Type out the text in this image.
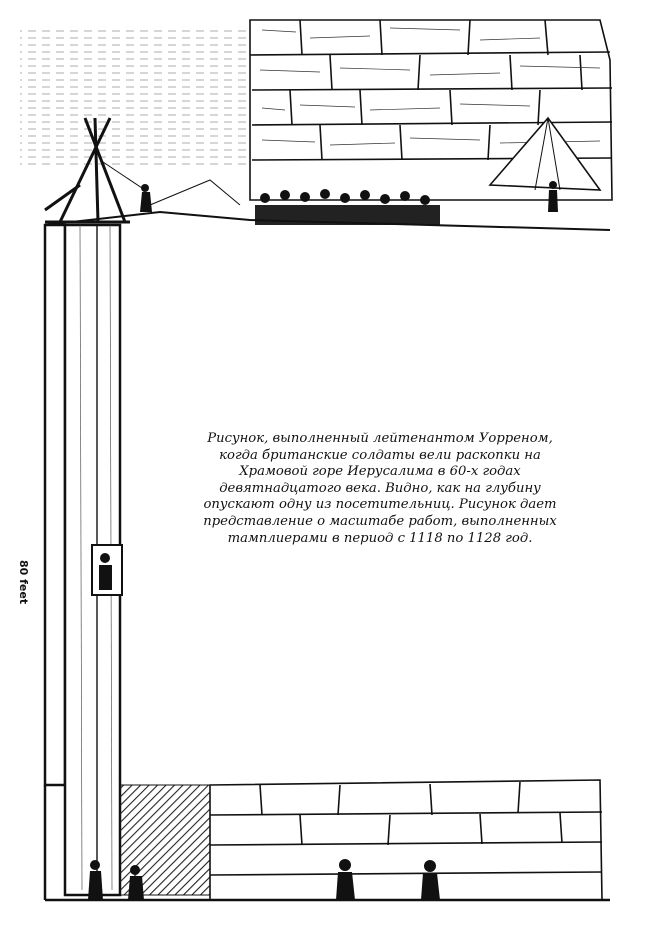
80 feet
Рисунок, выполненный лейтенантом Уорреном,
когда британские солдаты вели раскопки на
Храмовой горе Иерусалима в 60-х годах
девятнадцатого века. Видно, как на глубину
опускают одну из посетительниц. Рисунок дает
представление о масштабе работ, выполненных
тамплиерами в период с 1118 по 1128 год.
